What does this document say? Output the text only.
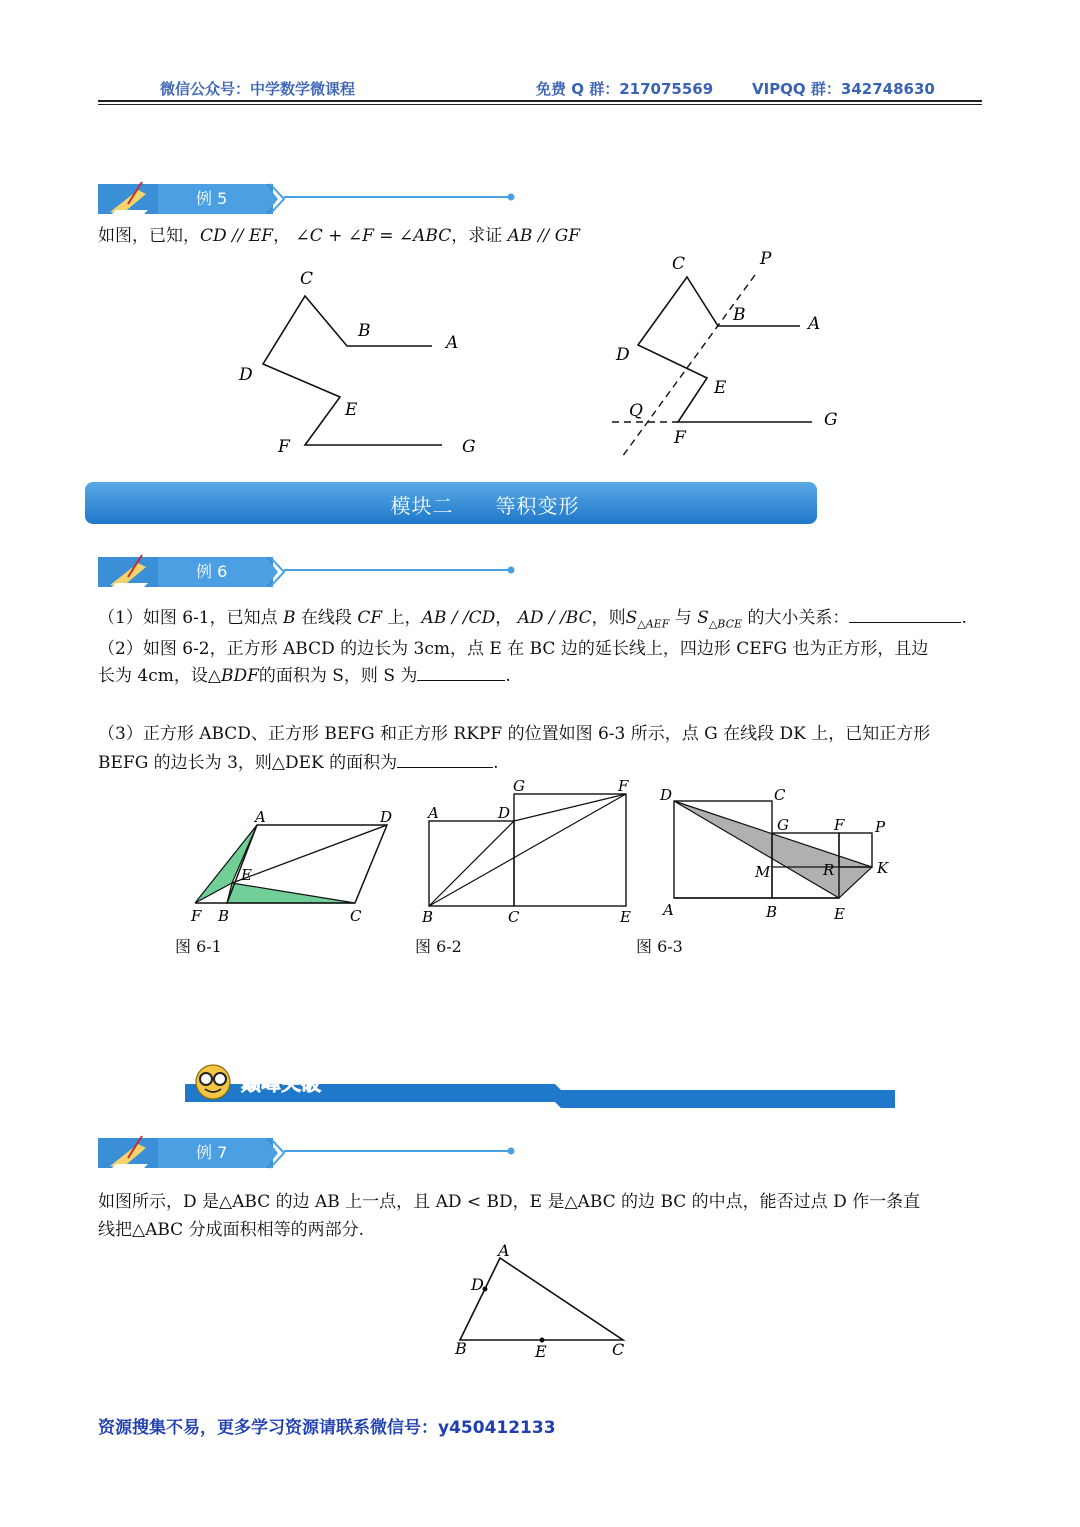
微信公众号：中学数学微课程	免费 Q 群：217075569	VIPQQ 群：342748630
例 5
如图，已知，CD // EF， ∠C + ∠F = ∠ABC，求证 AB // GF
C
B
A
D
E
F	G
C	P
B	A
D
E
Q
F
G
模块二　　等积变形
例 6
（1）如图 6-1，已知点 B 在线段 CF 上，AB / /CD， AD / /BC，则$S_{\triangle AEF}$ 与 $S_{\triangle BCE}$ 的大小关系：	.
（2）如图 6-2，正方形 ABCD 的边长为 3cm，点 E 在 BC 边的延长线上，四边形 CEFG 也为正方形，且边
长为 4cm，设△BDF的面积为 S，则 S 为	.
（3）正方形 ABCD、正方形 BEFG 和正方形 RKPF 的位置如图 6-3 所示，点 G 在线段 DK 上，已知正方形
BEFG 的边长为 3，则△DEK 的面积为	.
A	D
E
F B	C
图 6-1
G	F
A	D
B	C	E
图 6-2
D	C
G	F P
M	R	K
A	B	E
图 6-3
巅峰突破
例 7
如图所示，D 是△ABC 的边 AB 上一点，且 AD < BD，E 是△ABC 的边 BC 的中点，能否过点 D 作一条直
线把△ABC 分成面积相等的两部分.
A
D
B	E	C
资源搜集不易，更多学习资源请联系微信号：y450412133
